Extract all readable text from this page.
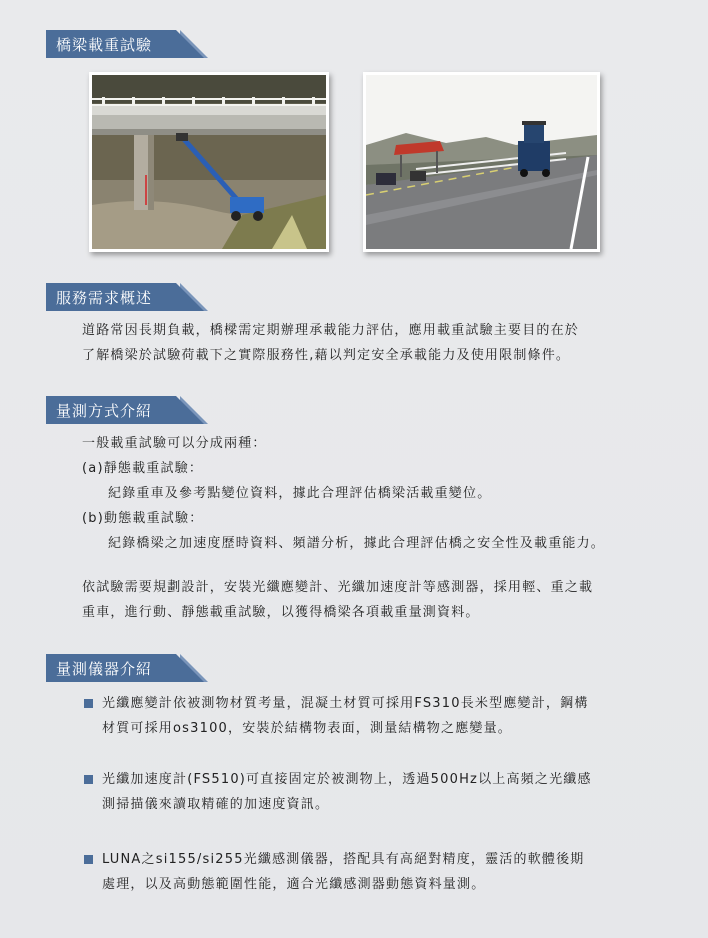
橋梁載重試驗
服務需求概述
道路常因長期負載，橋樑需定期辦理承載能力評估，應用載重試驗主要目的在於
了解橋梁於試驗荷載下之實際服務性,藉以判定安全承載能力及使用限制條件。
量測方式介紹
一般載重試驗可以分成兩種：
(a)靜態載重試驗：
紀錄重車及參考點變位資料，據此合理評估橋梁活載重變位。
(b)動態載重試驗：
紀錄橋梁之加速度歷時資料、頻譜分析，據此合理評估橋之安全性及載重能力。
依試驗需要規劃設計，安裝光纖應變計、光纖加速度計等感測器，採用輕、重之載
重車，進行動、靜態載重試驗，以獲得橋梁各項載重量測資料。
量測儀器介紹
光纖應變計依被測物材質考量，混凝土材質可採用FS310長米型應變計，鋼構
材質可採用os3100，安裝於結構物表面，測量結構物之應變量。
光纖加速度計(FS510)可直接固定於被測物上，透過500Hz以上高頻之光纖感
測掃描儀來讀取精確的加速度資訊。
LUNA之si155/si255光纖感測儀器，搭配具有高絕對精度，靈活的軟體後期
處理，以及高動態範圍性能，適合光纖感測器動態資料量測。
